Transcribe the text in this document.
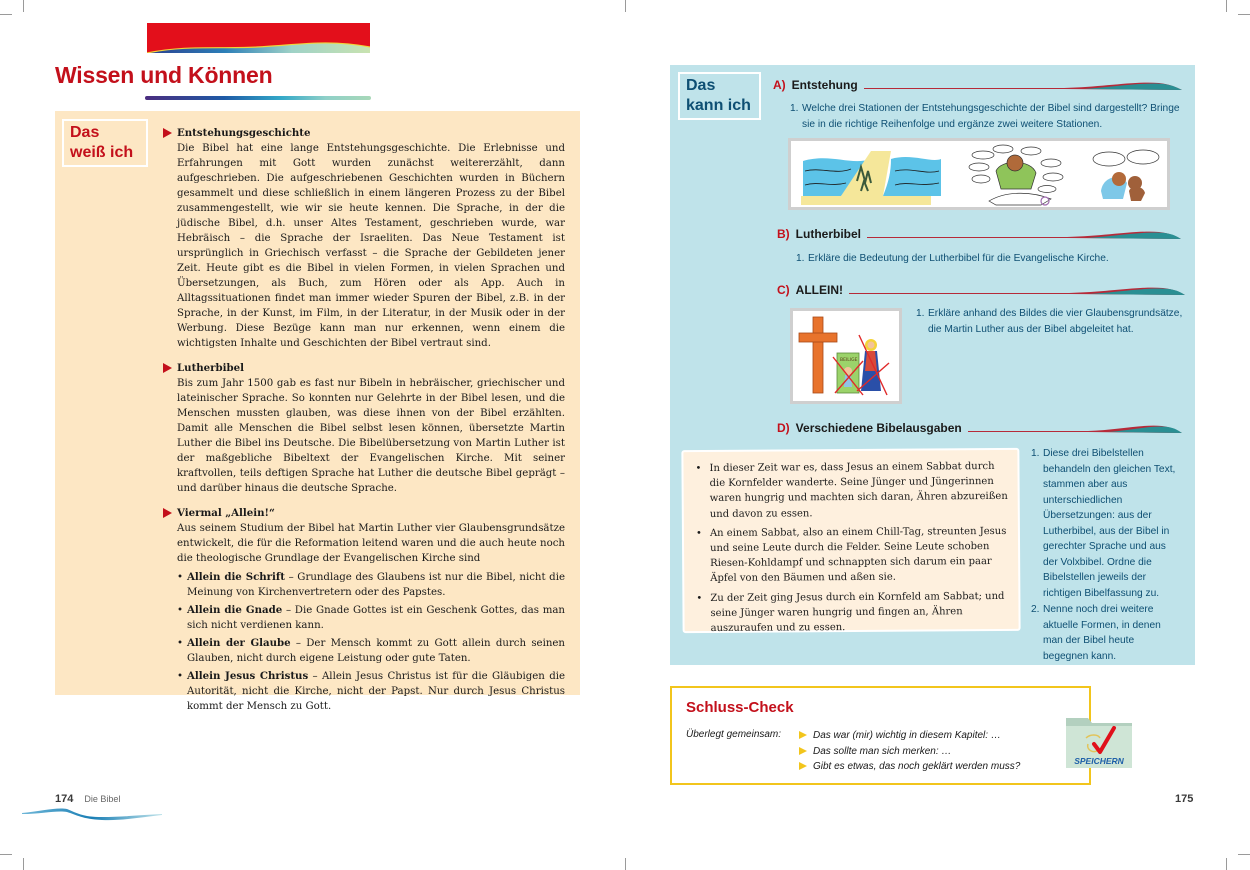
Wissen und Können
Das
weiß ich
Entstehungsgeschichte

Die Bibel hat eine lange Entstehungsgeschichte. Die Erlebnisse und Erfahrungen mit Gott wurden zunächst weitererzählt, dann aufgeschrieben. Die aufgeschriebenen Geschichten wurden in Büchern gesammelt und diese schließlich in einem längeren Prozess zu der Bibel zusammengestellt, wie wir sie heute kennen. Die Sprache, in der die jüdische Bibel, d.h. unser Altes Testament, geschrieben wurde, war Hebräisch – die Sprache der Israeliten. Das Neue Testament ist ursprünglich in Griechisch verfasst – die Sprache der Gebildeten jener Zeit. Heute gibt es die Bibel in vielen Formen, in vielen Sprachen und Übersetzungen, als Buch, zum Hören oder als App. Auch in Alltagssituationen findet man immer wieder Spuren der Bibel, z.B. in der Sprache, in der Kunst, im Film, in der Literatur, in der Musik oder in der Werbung. Diese Bezüge kann man nur erkennen, wenn einem die wichtigsten Inhalte und Geschichten der Bibel vertraut sind.

Lutherbibel

Bis zum Jahr 1500 gab es fast nur Bibeln in hebräischer, griechischer und lateinischer Sprache. So konnten nur Gelehrte in der Bibel lesen, und die Menschen mussten glauben, was diese ihnen von der Bibel erzählten. Damit alle Menschen die Bibel selbst lesen können, übersetzte Martin Luther die Bibel ins Deutsche. Die Bibelübersetzung von Martin Luther ist der maßgebliche Bibeltext der Evangelischen Kirche. Mit seiner kraftvollen, teils deftigen Sprache hat Luther die deutsche Bibel geprägt – und darüber hinaus die deutsche Sprache.

Viermal „Allein!“

Aus seinem Studium der Bibel hat Martin Luther vier Glaubensgrundsätze entwickelt, die für die Reformation leitend waren und die auch heute noch die theologische Grundlage der Evangelischen Kirche sind

• Allein die Schrift – Grundlage des Glaubens ist nur die Bibel, nicht die Meinung von Kirchenvertretern oder des Papstes.
• Allein die Gnade – Die Gnade Gottes ist ein Geschenk Gottes, das man sich nicht verdienen kann.
• Allein der Glaube – Der Mensch kommt zu Gott allein durch seinen Glauben, nicht durch eigene Leistung oder gute Taten.
• Allein Jesus Christus – Allein Jesus Christus ist für die Gläubigen die Autorität, nicht die Kirche, nicht der Papst. Nur durch Jesus Christus kommt der Mensch zu Gott.
174 Die Bibel
Das
kann ich
A) Entstehung
1. Welche drei Stationen der Entstehungsgeschichte der Bibel sind dargestellt? Bringe sie in die richtige Reihenfolge und ergänze zwei weitere Stationen.
B) Lutherbibel
1. Erkläre die Bedeutung der Lutherbibel für die Evangelische Kirche.
C) ALLEIN!
BEILIGE
1. Erkläre anhand des Bildes die vier Glaubensgrundsätze, die Martin Luther aus der Bibel abgeleitet hat.
D) Verschiedene Bibelausgaben
• In dieser Zeit war es, dass Jesus an einem Sabbat durch die Kornfelder wanderte. Seine Jünger und Jüngerinnen waren hungrig und machten sich daran, Ähren abzureißen und davon zu essen.
• An einem Sabbat, also an einem Chill-Tag, streunten Jesus und seine Leute durch die Felder. Seine Leute schoben Riesen-Kohldampf und schnappten sich darum ein paar Äpfel von den Bäumen und aßen sie.
• Zu der Zeit ging Jesus durch ein Kornfeld am Sabbat; und seine Jünger waren hungrig und fingen an, Ähren auszuraufen und zu essen.
1. Diese drei Bibelstellen behandeln den gleichen Text, stammen aber aus unterschiedlichen Übersetzungen: aus der Lutherbibel, aus der Bibel in gerechter Sprache und aus der Volxbibel. Ordne die Bibelstellen jeweils der richtigen Bibelfassung zu.
2. Nenne noch drei weitere aktuelle Formen, in denen man der Bibel heute begegnen kann.
Schluss-Check
Überlegt gemeinsam:	Das war (mir) wichtig in diesem Kapitel: …
Das sollte man sich merken: …
Gibt es etwas, das noch geklärt werden muss?	SPEICHERN
175
